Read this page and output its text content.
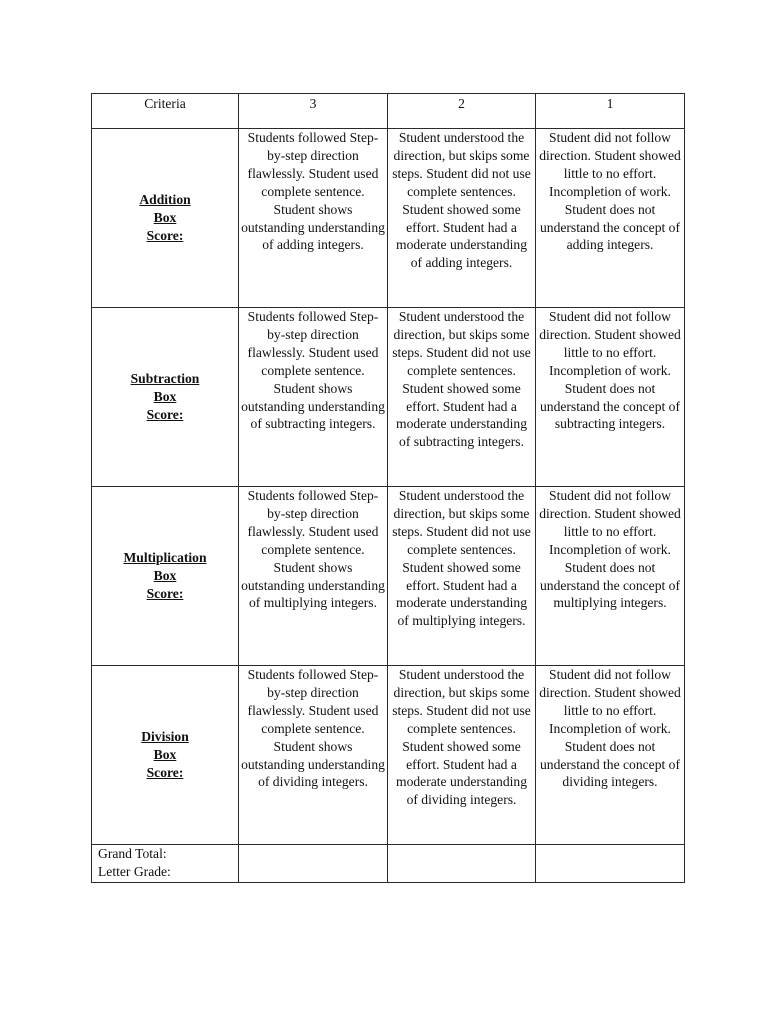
Criteria	3	2	1

Addition
Box
Score:	Students followed Step-by-step direction flawlessly. Student used complete sentence. Student shows outstanding understanding of adding integers.	Student understood the direction, but skips some steps. Student did not use complete sentences. Student showed some effort. Student had a moderate understanding of adding integers.	Student did not follow direction. Student showed little to no effort. Incompletion of work. Student does not understand the concept of adding integers.

Subtraction
Box
Score:	Students followed Step-by-step direction flawlessly. Student used complete sentence. Student shows outstanding understanding of subtracting integers.	Student understood the direction, but skips some steps. Student did not use complete sentences. Student showed some effort. Student had a moderate understanding of subtracting integers.	Student did not follow direction. Student showed little to no effort. Incompletion of work. Student does not understand the concept of subtracting integers.

Multiplication
Box
Score:	Students followed Step-by-step direction flawlessly. Student used complete sentence. Student shows outstanding understanding of multiplying integers.	Student understood the direction, but skips some steps. Student did not use complete sentences. Student showed some effort. Student had a moderate understanding of multiplying integers.	Student did not follow direction. Student showed little to no effort. Incompletion of work. Student does not understand the concept of multiplying integers.

Division
Box
Score:	Students followed Step-by-step direction flawlessly. Student used complete sentence. Student shows outstanding understanding of dividing integers.	Student understood the direction, but skips some steps. Student did not use complete sentences. Student showed some effort. Student had a moderate understanding of dividing integers.	Student did not follow direction. Student showed little to no effort. Incompletion of work. Student does not understand the concept of dividing integers.

Grand Total:
Letter Grade:			
